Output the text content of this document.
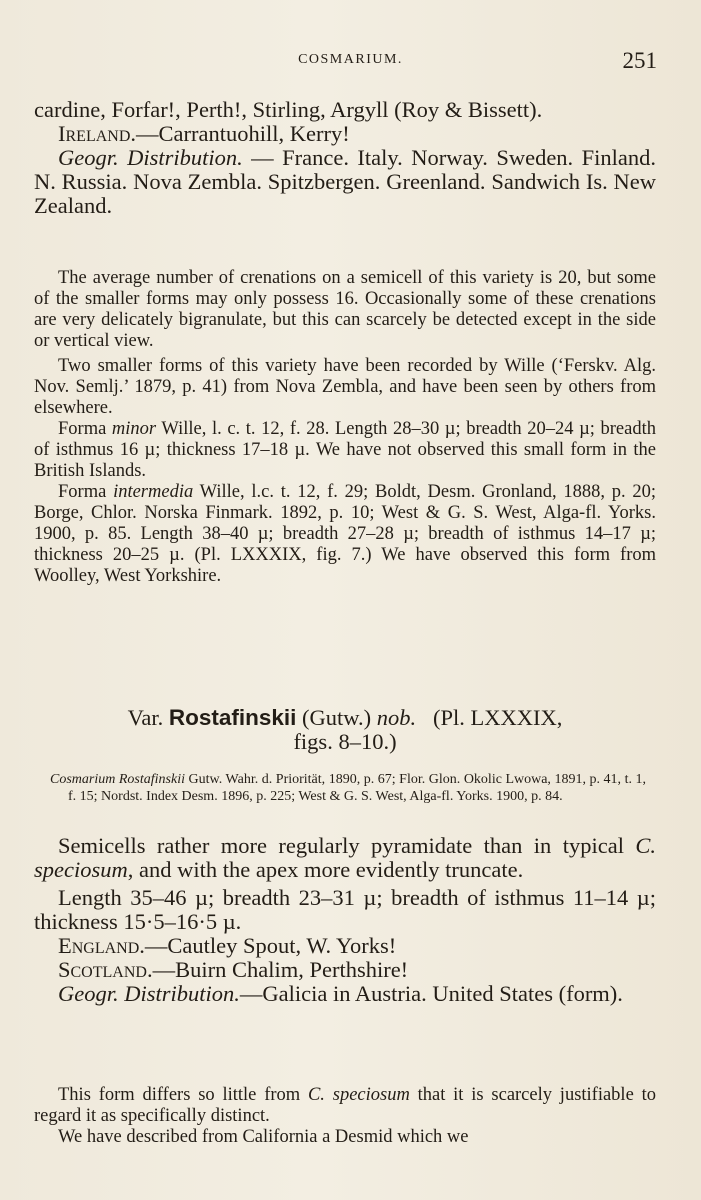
COSMARIUM.	251

cardine, Forfar!, Perth!, Stirling, Argyll (Roy & Bissett).

Ireland.—Carrantuohill, Kerry!

Geogr. Distribution. — France. Italy. Norway. Sweden. Finland. N. Russia. Nova Zembla. Spitzbergen. Greenland. Sandwich Is. New Zealand.

The average number of crenations on a semicell of this variety is 20, but some of the smaller forms may only possess 16. Occasionally some of these crenations are very delicately bigranulate, but this can scarcely be detected except in the side or vertical view.

Two smaller forms of this variety have been recorded by Wille (‘Ferskv. Alg. Nov. Semlj.’ 1879, p. 41) from Nova Zembla, and have been seen by others from elsewhere.

Forma minor Wille, l. c. t. 12, f. 28. Length 28–30 µ; breadth 20–24 µ; breadth of isthmus 16 µ; thickness 17–18 µ. We have not observed this small form in the British Islands.

Forma intermedia Wille, l.c. t. 12, f. 29; Boldt, Desm. Gronland, 1888, p. 20; Borge, Chlor. Norska Finmark. 1892, p. 10; West & G. S. West, Alga-fl. Yorks. 1900, p. 85. Length 38–40 µ; breadth 27–28 µ; breadth of isthmus 14–17 µ; thickness 20–25 µ. (Pl. LXXXIX, fig. 7.) We have observed this form from Woolley, West Yorkshire.

Var. Rostafinskii (Gutw.) nob. (Pl. LXXXIX,
figs. 8–10.)

Cosmarium Rostafinskii Gutw. Wahr. d. Priorität, 1890, p. 67; Flor. Glon. Okolic Lwowa, 1891, p. 41, t. 1, f. 15; Nordst. Index Desm. 1896, p. 225; West & G. S. West, Alga-fl. Yorks. 1900, p. 84.

Semicells rather more regularly pyramidate than in typical C. speciosum, and with the apex more evidently truncate.

Length 35–46 µ; breadth 23–31 µ; breadth of isthmus 11–14 µ; thickness 15·5–16·5 µ.

England.—Cautley Spout, W. Yorks!

Scotland.—Buirn Chalim, Perthshire!

Geogr. Distribution.—Galicia in Austria. United States (form).

This form differs so little from C. speciosum that it is scarcely justifiable to regard it as specifically distinct.

We have described from California a Desmid which we
